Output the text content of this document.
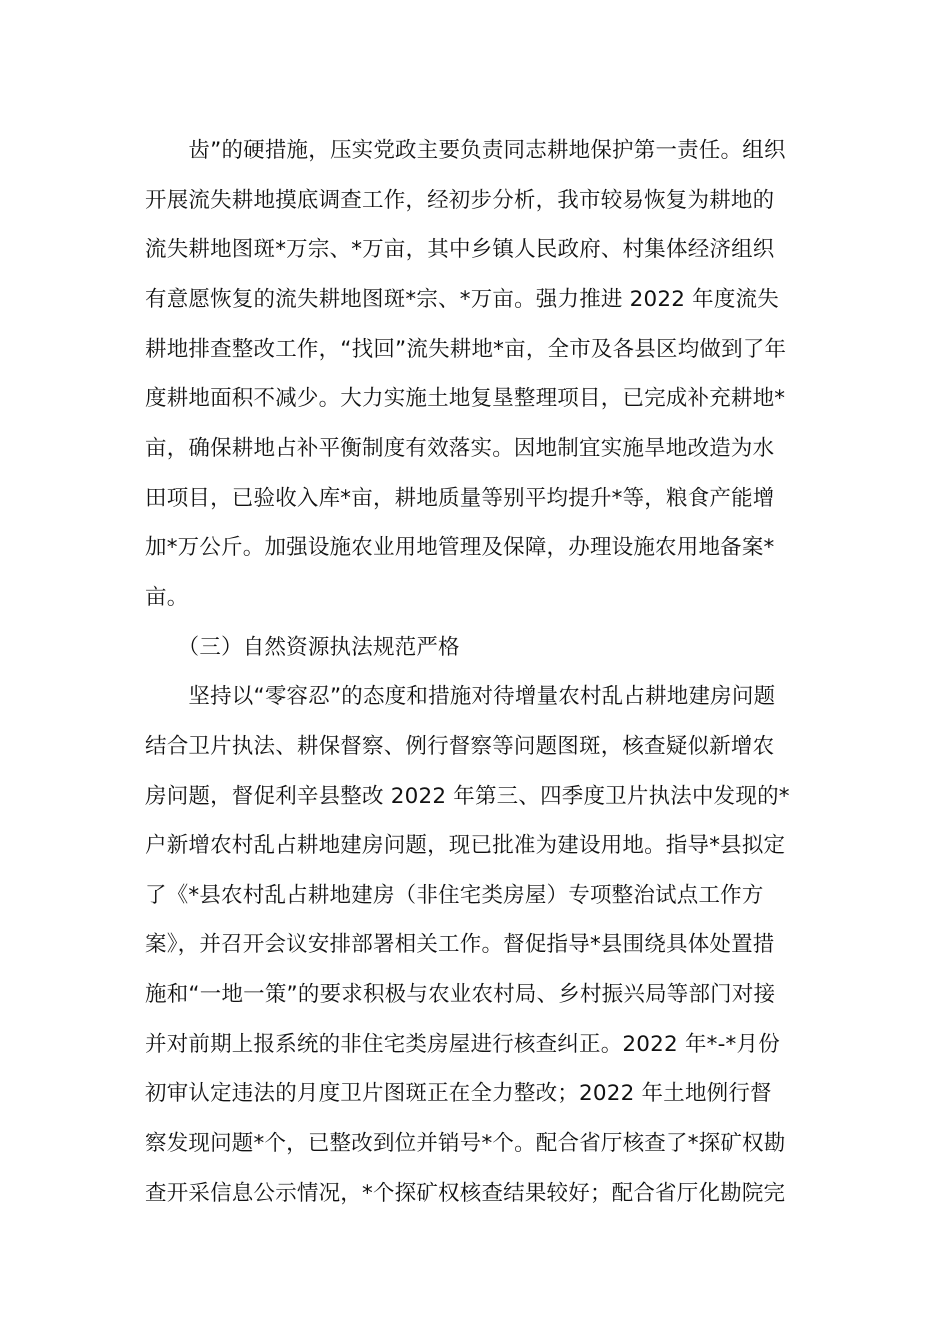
　　齿”的硬措施，压实党政主要负责同志耕地保护第一责任。组织
开展流失耕地摸底调查工作，经初步分析，我市较易恢复为耕地的
流失耕地图斑*万宗、*万亩，其中乡镇人民政府、村集体经济组织
有意愿恢复的流失耕地图斑*宗、*万亩。强力推进 2022 年度流失
耕地排查整改工作，“找回”流失耕地*亩，全市及各县区均做到了年
度耕地面积不减少。大力实施土地复垦整理项目，已完成补充耕地*
亩，确保耕地占补平衡制度有效落实。因地制宜实施旱地改造为水
田项目，已验收入库*亩，耕地质量等别平均提升*等，粮食产能增
加*万公斤。加强设施农业用地管理及保障，办理设施农用地备案*
亩。
　　（三）自然资源执法规范严格
　　坚持以“零容忍”的态度和措施对待增量农村乱占耕地建房问题
结合卫片执法、耕保督察、例行督察等问题图斑，核查疑似新增农
房问题，督促利辛县整改 2022 年第三、四季度卫片执法中发现的*
户新增农村乱占耕地建房问题，现已批准为建设用地。指导*县拟定
了《*县农村乱占耕地建房（非住宅类房屋）专项整治试点工作方
案》，并召开会议安排部署相关工作。督促指导*县围绕具体处置措
施和“一地一策”的要求积极与农业农村局、乡村振兴局等部门对接
并对前期上报系统的非住宅类房屋进行核查纠正。2022 年*-*月份
初审认定违法的月度卫片图斑正在全力整改；2022 年土地例行督
察发现问题*个，已整改到位并销号*个。配合省厅核查了*探矿权勘
查开采信息公示情况，*个探矿权核查结果较好；配合省厅化勘院完
